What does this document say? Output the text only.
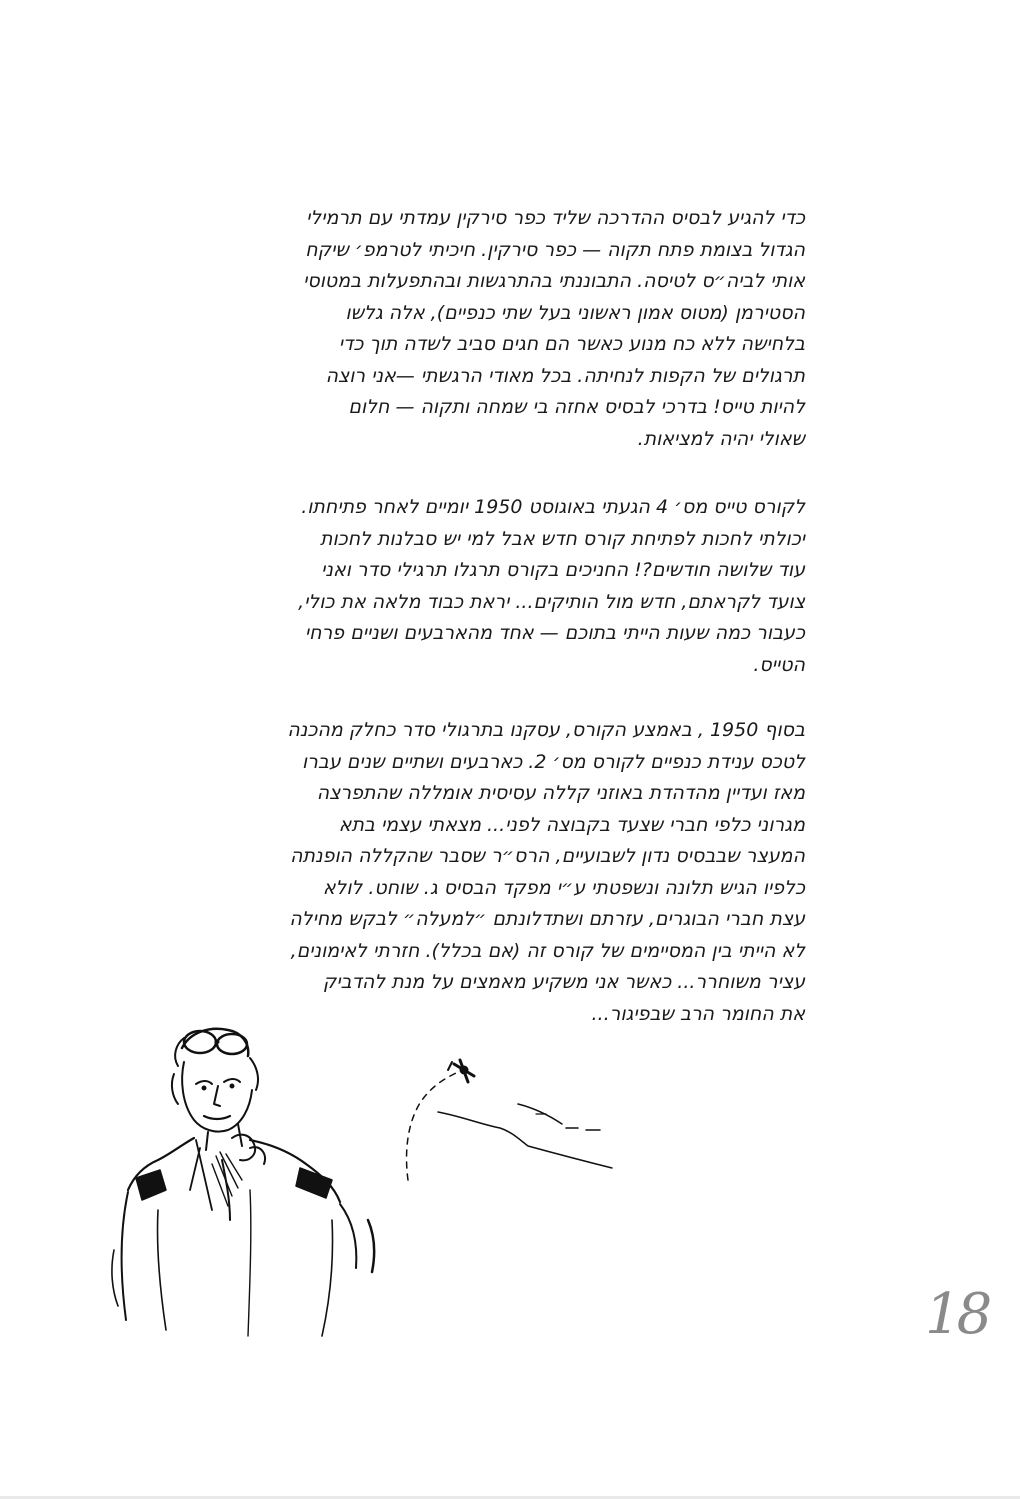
כדי להגיע לבסיס ההדרכה שליד כפר סירקין עמדתי עם תרמילי
הגדול בצומת פתח תקוה — כפר סירקין. חיכיתי לטרמפ׳ שיקח
אותי לביה״ס לטיסה. התבוננתי בהתרגשות ובהתפעלות במטוסי
הסטירמן (מטוס אמון ראשוני בעל שתי כנפיים), אלה גלשו
בלחישה ללא כח מנוע כאשר הם חגים סביב לשדה תוך כדי
תרגולים של הקפות לנחיתה. בכל מאודי הרגשתי —אני רוצה
להיות טייס! בדרכי לבסיס אחזה בי שמחה ותקוה — חלום
שאולי יהיה למציאות.
לקורס טייס מס׳ 4 הגעתי באוגוסט 1950 יומיים לאחר פתיחתו.
יכולתי לחכות לפתיחת קורס חדש אבל למי יש סבלנות לחכות
עוד שלושה חודשים?! החניכים בקורס תרגלו תרגילי סדר ואני
צועד לקראתם, חדש מול הותיקים... יראת כבוד מלאה את כולי,
כעבור כמה שעות הייתי בתוכם — אחד מהארבעים ושניים פרחי
הטייס.
בסוף 1950 , באמצע הקורס, עסקנו בתרגולי סדר כחלק מהכנה
לטכס ענידת כנפיים לקורס מס׳ 2. כארבעים ושתיים שנים עברו
מאז ועדיין מהדהדת באוזני קללה עסיסית אומללה שהתפרצה
מגרוני כלפי חברי שצעד בקבוצה לפני... מצאתי עצמי בתא
המעצר שבבסיס נדון לשבועיים, הרס״ר שסבר שהקללה הופנתה
כלפיו הגיש תלונה ונשפטתי ע״י מפקד הבסיס ג. שוחט. לולא
עצת חברי הבוגרים, עזרתם ושתדלונתם ״למעלה״ לבקש מחילה
לא הייתי בין המסיימים של קורס זה (אם בכלל). חזרתי לאימונים,
עציר משוחרר... כאשר אני משקיע מאמצים על מנת להדביק
את החומר הרב שבפיגור...
18
